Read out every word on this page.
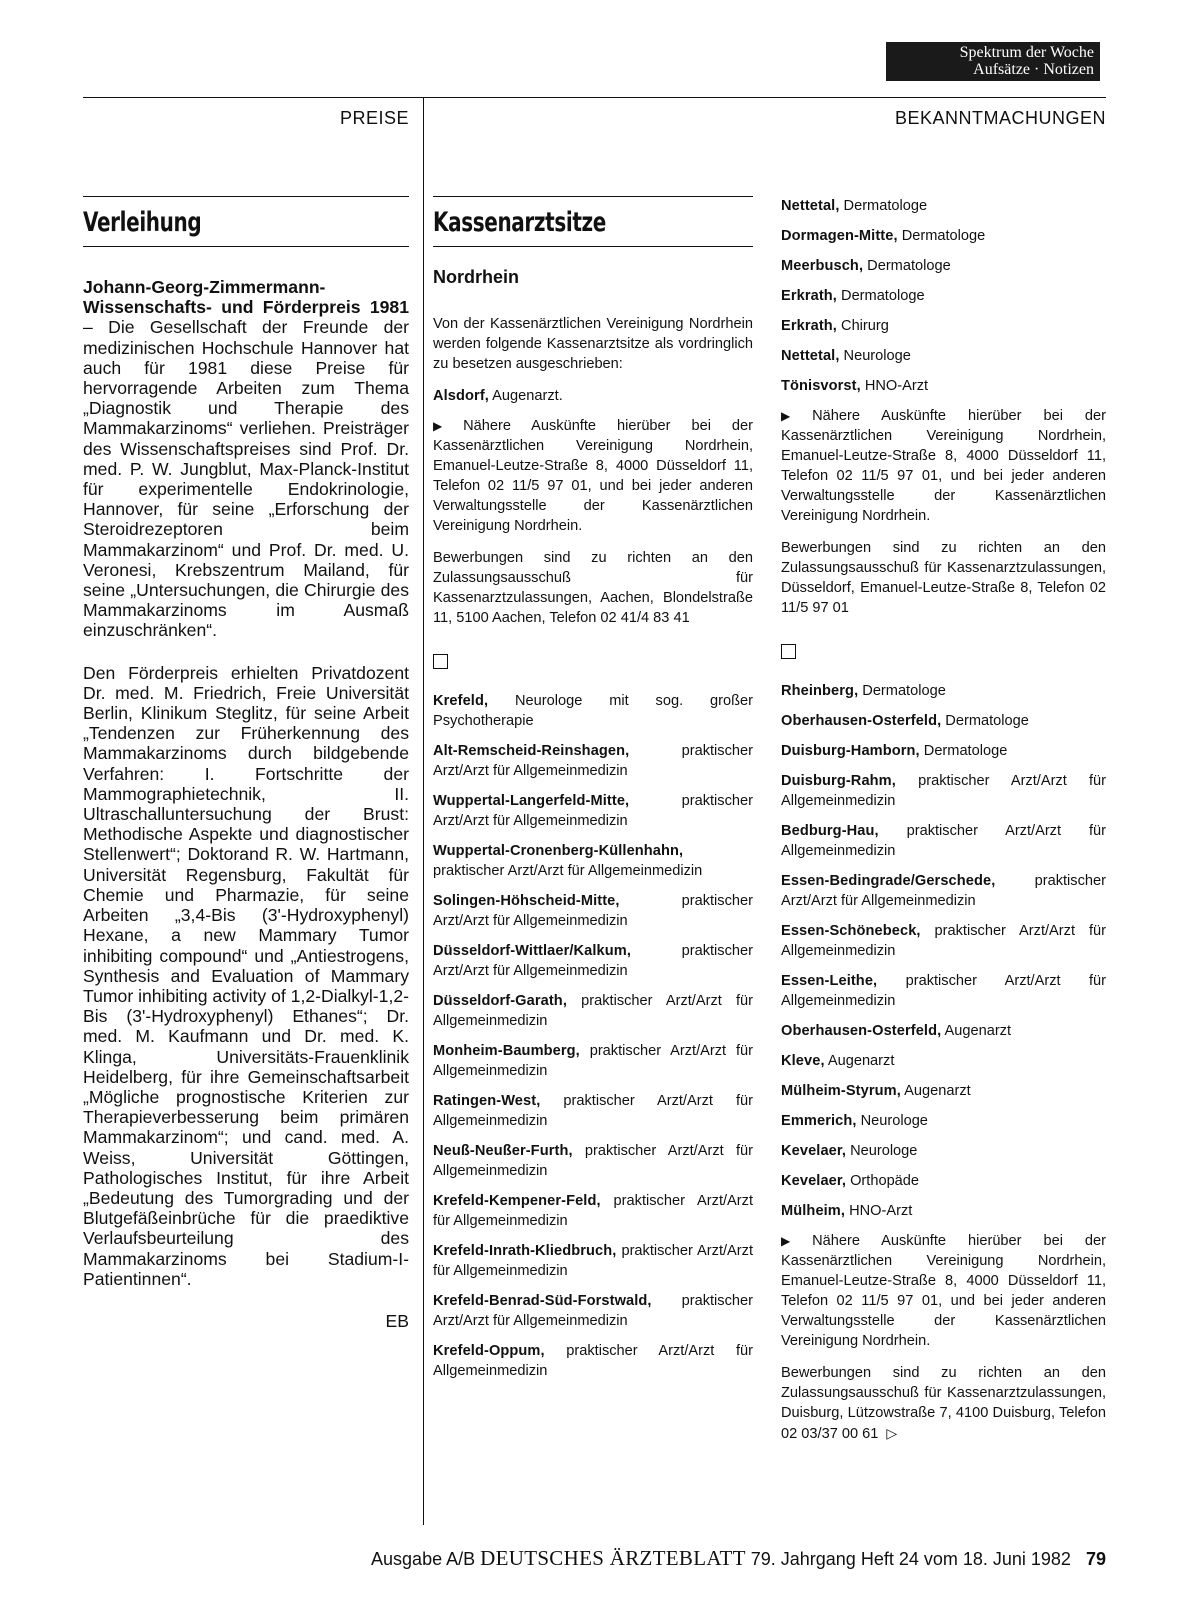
Spektrum der Woche
Aufsätze · Notizen
PREISE	BEKANNTMACHUNGEN
Verleihung

Johann-Georg-Zimmermann-Wissenschafts- und Förderpreis 1981 – Die Gesellschaft der Freunde der medizinischen Hochschule Hannover hat auch für 1981 diese Preise für hervorragende Arbeiten zum Thema „Diagnostik und Therapie des Mammakarzinoms“ verliehen. Preisträger des Wissenschaftspreises sind Prof. Dr. med. P. W. Jungblut, Max-Planck-Institut für experimentelle Endokrinologie, Hannover, für seine „Erforschung der Steroidrezeptoren beim Mammakarzinom“ und Prof. Dr. med. U. Veronesi, Krebszentrum Mailand, für seine „Untersuchungen, die Chirurgie des Mammakarzinoms im Ausmaß einzuschränken“.

Den Förderpreis erhielten Privatdozent Dr. med. M. Friedrich, Freie Universität Berlin, Klinikum Steglitz, für seine Arbeit „Tendenzen zur Früherkennung des Mammakarzinoms durch bildgebende Verfahren: I. Fortschritte der Mammographietechnik, II. Ultraschalluntersuchung der Brust: Methodische Aspekte und diagnostischer Stellenwert“; Doktorand R. W. Hartmann, Universität Regensburg, Fakultät für Chemie und Pharmazie, für seine Arbeiten „3,4-Bis (3'-Hydroxyphenyl) Hexane, a new Mammary Tumor inhibiting compound“ und „Antiestrogens, Synthesis and Evaluation of Mammary Tumor inhibiting activity of 1,2-Dialkyl-1,2-Bis (3'-Hydroxyphenyl) Ethanes“; Dr. med. M. Kaufmann und Dr. med. K. Klinga, Universitäts-Frauenklinik Heidelberg, für ihre Gemeinschaftsarbeit „Mögliche prognostische Kriterien zur Therapieverbesserung beim primären Mammakarzinom“; und cand. med. A. Weiss, Universität Göttingen, Pathologisches Institut, für ihre Arbeit „Bedeutung des Tumorgrading und der Blutgefäßeinbrüche für die praediktive Verlaufsbeurteilung des Mammakarzinoms bei Stadium-I-Patientinnen“.

EB
Kassenarztsitze
Nordrhein

Von der Kassenärztlichen Vereinigung Nordrhein werden folgende Kassenarztsitze als vordringlich zu besetzen ausgeschrieben:

Alsdorf, Augenarzt.

▶ Nähere Auskünfte hierüber bei der Kassenärztlichen Vereinigung Nordrhein, Emanuel-Leutze-Straße 8, 4000 Düsseldorf 11, Telefon 02 11/5 97 01, und bei jeder anderen Verwaltungsstelle der Kassenärztlichen Vereinigung Nordrhein.

Bewerbungen sind zu richten an den Zulassungsausschuß für Kassenarztzulassungen, Aachen, Blondelstraße 11, 5100 Aachen, Telefon 02 41/4 83 41

Krefeld, Neurologe mit sog. großer Psychotherapie

Alt-Remscheid-Reinshagen, praktischer Arzt/Arzt für Allgemeinmedizin

Wuppertal-Langerfeld-Mitte, praktischer Arzt/Arzt für Allgemeinmedizin

Wuppertal-Cronenberg-Küllenhahn, praktischer Arzt/Arzt für Allgemeinmedizin

Solingen-Höhscheid-Mitte, praktischer Arzt/Arzt für Allgemeinmedizin

Düsseldorf-Wittlaer/Kalkum, praktischer Arzt/Arzt für Allgemeinmedizin

Düsseldorf-Garath, praktischer Arzt/Arzt für Allgemeinmedizin

Monheim-Baumberg, praktischer Arzt/Arzt für Allgemeinmedizin

Ratingen-West, praktischer Arzt/Arzt für Allgemeinmedizin

Neuß-Neußer-Furth, praktischer Arzt/Arzt für Allgemeinmedizin

Krefeld-Kempener-Feld, praktischer Arzt/Arzt für Allgemeinmedizin

Krefeld-Inrath-Kliedbruch, praktischer Arzt/Arzt für Allgemeinmedizin

Krefeld-Benrad-Süd-Forstwald, praktischer Arzt/Arzt für Allgemeinmedizin

Krefeld-Oppum, praktischer Arzt/Arzt für Allgemeinmedizin

Nettetal, Dermatologe

Dormagen-Mitte, Dermatologe

Meerbusch, Dermatologe

Erkrath, Dermatologe

Erkrath, Chirurg

Nettetal, Neurologe

Tönisvorst, HNO-Arzt

▶ Nähere Auskünfte hierüber bei der Kassenärztlichen Vereinigung Nordrhein, Emanuel-Leutze-Straße 8, 4000 Düsseldorf 11, Telefon 02 11/5 97 01, und bei jeder anderen Verwaltungsstelle der Kassenärztlichen Vereinigung Nordrhein.

Bewerbungen sind zu richten an den Zulassungsausschuß für Kassenarztzulassungen, Düsseldorf, Emanuel-Leutze-Straße 8, Telefon 02 11/5 97 01

Rheinberg, Dermatologe

Oberhausen-Osterfeld, Dermatologe

Duisburg-Hamborn, Dermatologe

Duisburg-Rahm, praktischer Arzt/Arzt für Allgemeinmedizin

Bedburg-Hau, praktischer Arzt/Arzt für Allgemeinmedizin

Essen-Bedingrade/Gerschede, praktischer Arzt/Arzt für Allgemeinmedizin

Essen-Schönebeck, praktischer Arzt/Arzt für Allgemeinmedizin

Essen-Leithe, praktischer Arzt/Arzt für Allgemeinmedizin

Oberhausen-Osterfeld, Augenarzt

Kleve, Augenarzt

Mülheim-Styrum, Augenarzt

Emmerich, Neurologe

Kevelaer, Neurologe

Kevelaer, Orthopäde

Mülheim, HNO-Arzt

▶ Nähere Auskünfte hierüber bei der Kassenärztlichen Vereinigung Nordrhein, Emanuel-Leutze-Straße 8, 4000 Düsseldorf 11, Telefon 02 11/5 97 01, und bei jeder anderen Verwaltungsstelle der Kassenärztlichen Vereinigung Nordrhein.

Bewerbungen sind zu richten an den Zulassungsausschuß für Kassenarztzulassungen, Duisburg, Lützowstraße 7, 4100 Duisburg, Telefon 02 03/37 00 61 ▷

Ausgabe A/B DEUTSCHES ÄRZTEBLATT 79. Jahrgang Heft 24 vom 18. Juni 1982 79
